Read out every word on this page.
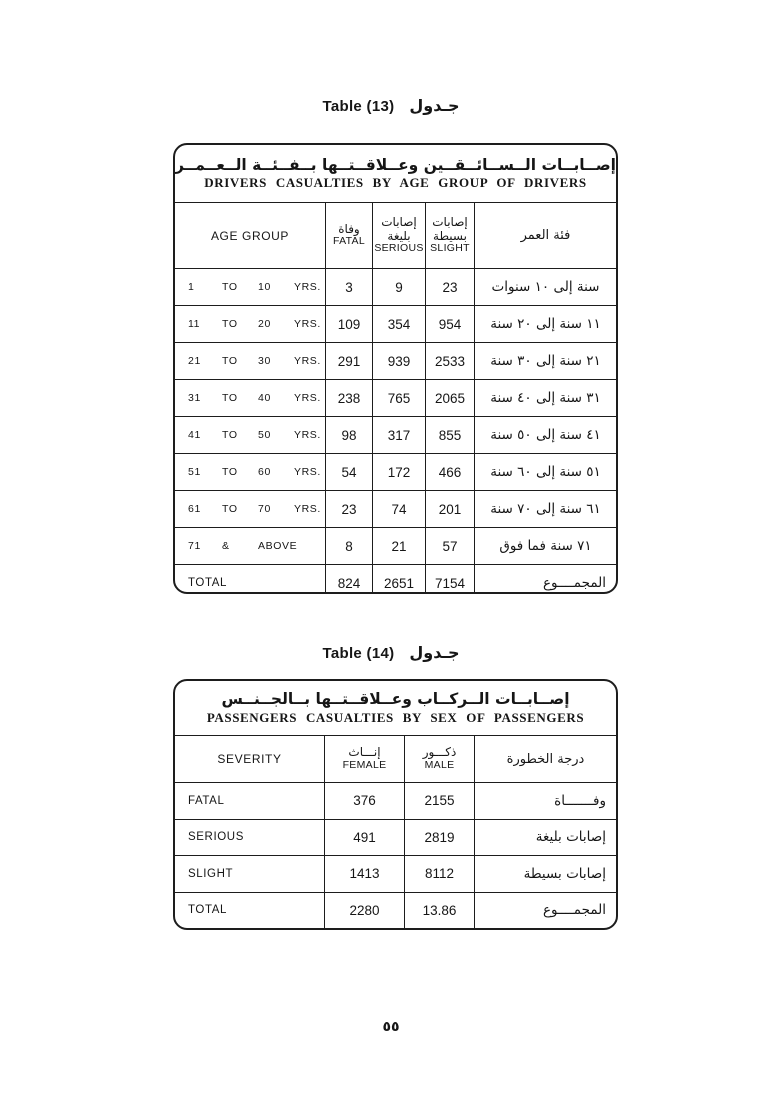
Table (13) جـدول
إصــابــات الــســائــقــين وعــلاقــتــها بــفــئــة الــعــمــر
DRIVERS CASUALTIES BY AGE GROUP OF DRIVERS
AGE GROUP	وفاة
FATAL
إصابات
بليغة
SERIOUS
إصابات
بسيطة
SLIGHT
فئة العمر
1	TO	10	YRS.	3	9	23	سنة إلى ١٠ سنوات
11	TO	20	YRS.	109	354	954	١١ سنة إلى ٢٠ سنة
21	TO	30	YRS.	291	939	2533	٢١ سنة إلى ٣٠ سنة
31	TO	40	YRS.	238	765	2065	٣١ سنة إلى ٤٠ سنة
41	TO	50	YRS.	98	317	855	٤١ سنة إلى ٥٠ سنة
51	TO	60	YRS.	54	172	466	٥١ سنة إلى ٦٠ سنة
61	TO	70	YRS.	23	74	201	٦١ سنة إلى ٧٠ سنة
71	&	ABOVE	8	21	57	٧١ سنة فما فوق
TOTAL	824	2651	7154	المجمــــوع
Table (14) جـدول
إصــابــات الــركــاب وعــلاقــتــها بــالجــنــس
PASSENGERS CASUALTIES BY SEX OF PASSENGERS
SEVERITY	إنـــاث
FEMALE
ذكـــور
MALE	درجة الخطورة
FATAL	376	2155	وفـــــــاة
SERIOUS	491	2819	إصابات بليغة
SLIGHT	1413	8112	إصابات بسيطة
TOTAL	2280	13.86	المجمــــوع
٥٥
